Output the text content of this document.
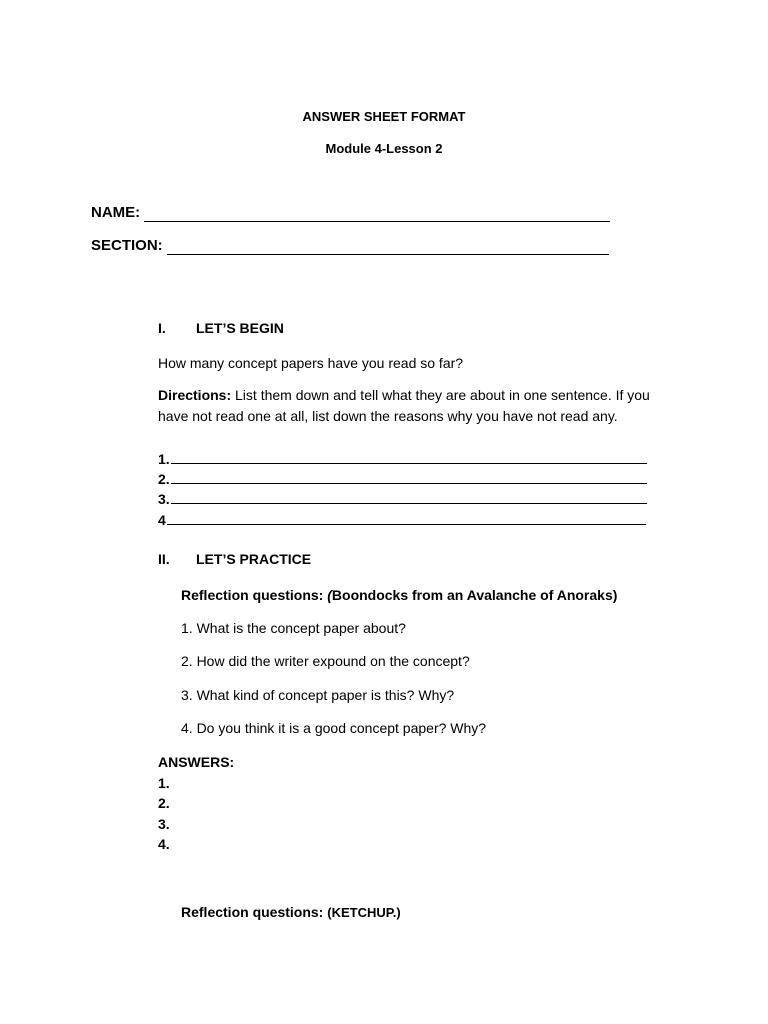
ANSWER SHEET FORMAT
Module 4-Lesson 2
NAME:
SECTION:
I. LET’S BEGIN
How many concept papers have you read so far?
Directions: List them down and tell what they are about in one sentence. If you have not read one at all, list down the reasons why you have not read any.
1.
2.
3.
4
II. LET’S PRACTICE
Reflection questions: (Boondocks from an Avalanche of Anoraks)
1. What is the concept paper about?
2. How did the writer expound on the concept?
3. What kind of concept paper is this? Why?
4. Do you think it is a good concept paper? Why?
ANSWERS:
1.
2.
3.
4.
Reflection questions: (KETCHUP.)
